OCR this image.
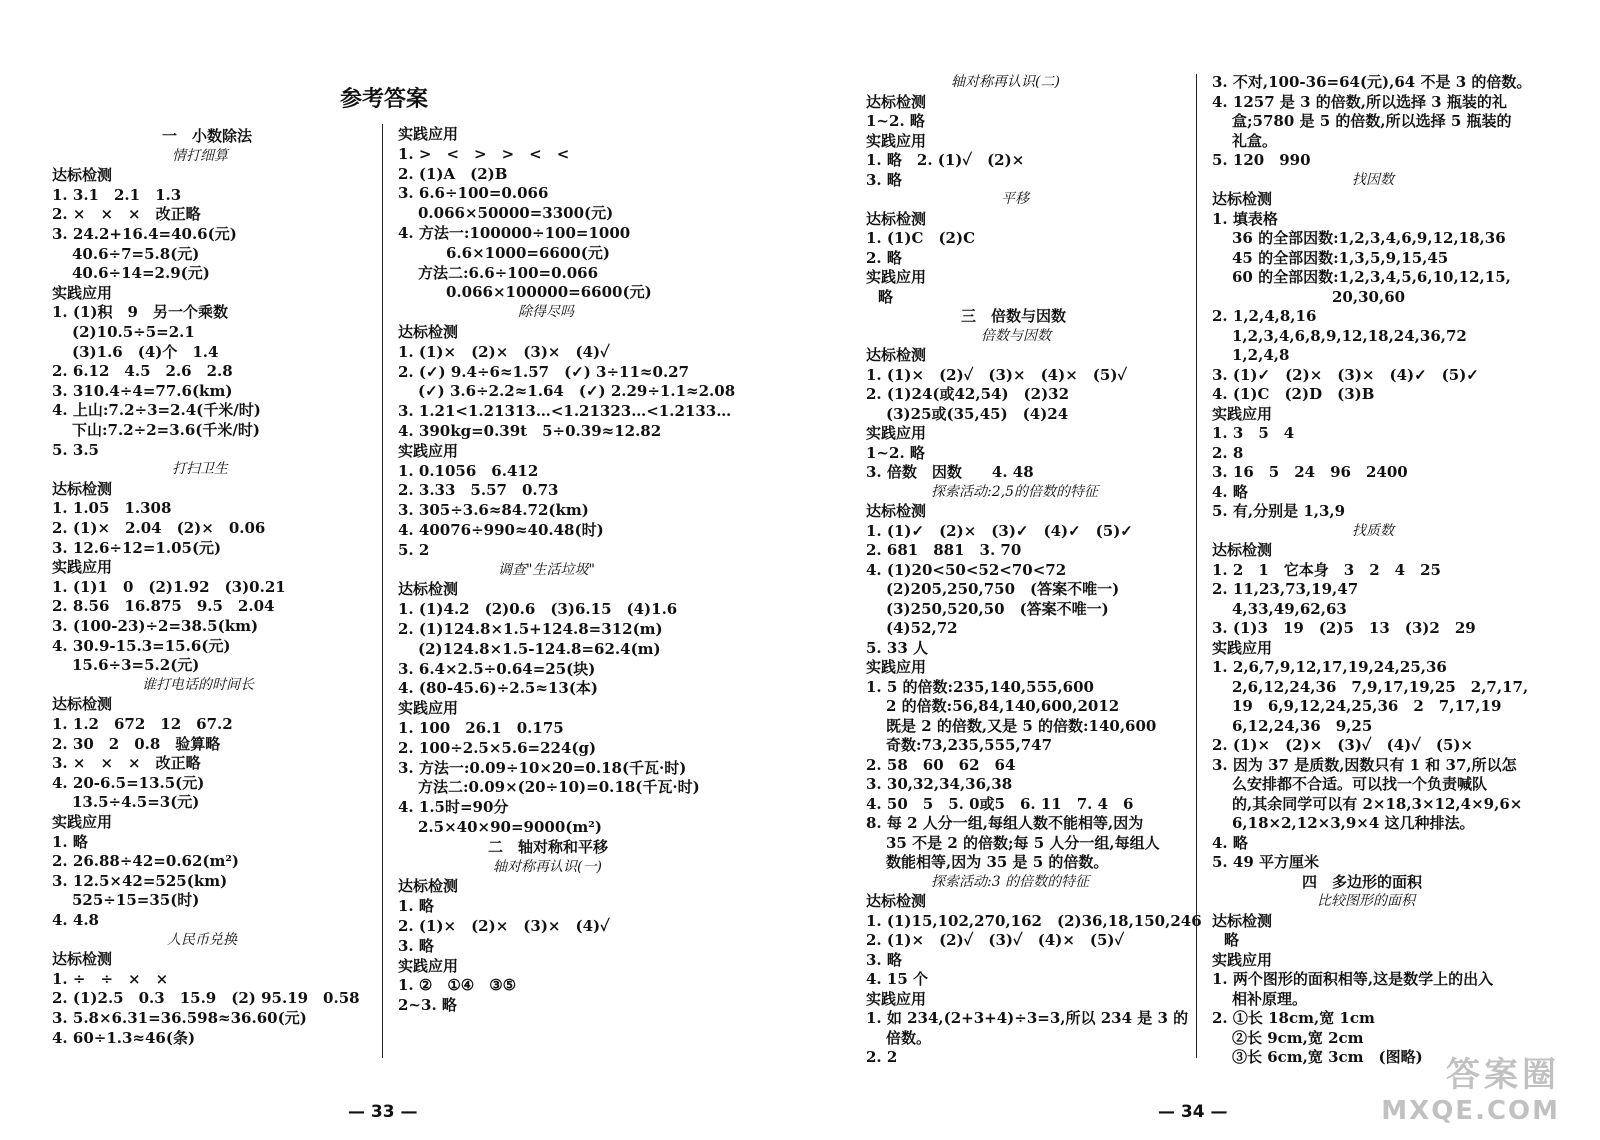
参考答案
一　小数除法
情打细算
达标检测
1. 3.1　2.1　1.3
2. ×　×　×　改正略
3. 24.2+16.4=40.6(元)
40.6÷7=5.8(元)
40.6÷14=2.9(元)
实践应用
1. (1)积　9　另一个乘数
(2)10.5÷5=2.1
(3)1.6　(4)个　1.4
2. 6.12　4.5　2.6　2.8
3. 310.4÷4=77.6(km)
4. 上山:7.2÷3=2.4(千米/时)
下山:7.2÷2=3.6(千米/时)
5. 3.5
打扫卫生
达标检测
1. 1.05　1.308
2. (1)×　2.04　(2)×　0.06
3. 12.6÷12=1.05(元)
实践应用
1. (1)1　0　(2)1.92　(3)0.21
2. 8.56　16.875　9.5　2.04
3. (100-23)÷2=38.5(km)
4. 30.9-15.3=15.6(元)
15.6÷3=5.2(元)
谁打电话的时间长
达标检测
1. 1.2　672　12　67.2
2. 30　2　0.8　验算略
3. ×　×　×　改正略
4. 20-6.5=13.5(元)
13.5÷4.5=3(元)
实践应用
1. 略
2. 26.88÷42=0.62(m²)
3. 12.5×42=525(km)
525÷15=35(时)
4. 4.8
人民币兑换
达标检测
1. ÷　÷　×　×
2. (1)2.5　0.3　15.9　(2) 95.19　0.58
3. 5.8×6.31=36.598≈36.60(元)
4. 60÷1.3≈46(条)
实践应用
1. >　<　>　>　<　<
2. (1)A　(2)B
3. 6.6÷100=0.066
0.066×50000=3300(元)
4. 方法一:100000÷100=1000
6.6×1000=6600(元)
方法二:6.6÷100=0.066
0.066×100000=6600(元)
除得尽吗
达标检测
1. (1)×　(2)×　(3)×　(4)✓
2. (✓) 9.4÷6≈1.57　(✓) 3÷11≈0.27
(✓) 3.6÷2.2≈1.64　(✓) 2.29÷1.1≈2.08
3. 1.21<1.21313…<1.21323…<1.2133…
4. 390kg=0.39t　5÷0.39≈12.82
实践应用
1. 0.1056　6.412
2. 3.33　5.57　0.73
3. 305÷3.6≈84.72(km)
4. 40076÷990≈40.48(时)
5. 2
调查"生活垃圾"
达标检测
1. (1)4.2　(2)0.6　(3)6.15　(4)1.6
2. (1)124.8×1.5+124.8=312(m)
(2)124.8×1.5-124.8=62.4(m)
3. 6.4×2.5÷0.64=25(块)
4. (80-45.6)÷2.5≈13(本)
实践应用
1. 100　26.1　0.175
2. 100÷2.5×5.6=224(g)
3. 方法一:0.09÷10×20=0.18(千瓦·时)
方法二:0.09×(20÷10)=0.18(千瓦·时)
4. 1.5时=90分
2.5×40×90=9000(m²)
二　轴对称和平移
轴对称再认识(一)
达标检测
1. 略
2. (1)×　(2)×　(3)×　(4)✓
3. 略
实践应用
1. ②　①④　③⑤
2~3. 略
轴对称再认识(二)
达标检测
1~2. 略
实践应用
1. 略　2. (1)✓　(2)×
3. 略
平移
达标检测
1. (1)C　(2)C
2. 略
实践应用
略
三　倍数与因数
倍数与因数
达标检测
1. (1)×　(2)✓　(3)×　(4)×　(5)✓
2. (1)24(或42,54)　(2)32
(3)25或(35,45)　(4)24
实践应用
1~2. 略
3. 倍数　因数　　4. 48
探索活动:2,5的倍数的特征
达标检测
1. (1)✓　(2)×　(3)✓　(4)✓　(5)✓
2. 681　881　3. 70
4. (1)20<50<52<70<72
(2)205,250,750　(答案不唯一)
(3)250,520,50　(答案不唯一)
(4)52,72
5. 33 人
实践应用
1. 5 的倍数:235,140,555,600
2 的倍数:56,84,140,600,2012
既是 2 的倍数,又是 5 的倍数:140,600
奇数:73,235,555,747
2. 58　60　62　64
3. 30,32,34,36,38
4. 50　5　5. 0或5　6. 11　7. 4　6
8. 每 2 人分一组,每组人数不能相等,因为
35 不是 2 的倍数;每 5 人分一组,每组人
数能相等,因为 35 是 5 的倍数。
探索活动:3 的倍数的特征
达标检测
1. (1)15,102,270,162　(2)36,18,150,246
2. (1)×　(2)✓　(3)✓　(4)×　(5)✓
3. 略
4. 15 个
实践应用
1. 如 234,(2+3+4)÷3=3,所以 234 是 3 的
倍数。
2. 2
3. 不对,100-36=64(元),64 不是 3 的倍数。
4. 1257 是 3 的倍数,所以选择 3 瓶装的礼
盒;5780 是 5 的倍数,所以选择 5 瓶装的
礼盒。
5. 120　990
找因数
达标检测
1. 填表格
36 的全部因数:1,2,3,4,6,9,12,18,36
45 的全部因数:1,3,5,9,15,45
60 的全部因数:1,2,3,4,5,6,10,12,15,
20,30,60
2. 1,2,4,8,16
1,2,3,4,6,8,9,12,18,24,36,72
1,2,4,8
3. (1)✓　(2)×　(3)×　(4)✓　(5)✓
4. (1)C　(2)D　(3)B
实践应用
1. 3　5　4
2. 8
3. 16　5　24　96　2400
4. 略
5. 有,分别是 1,3,9
找质数
达标检测
1. 2　1　它本身　3　2　4　25
2. 11,23,73,19,47
4,33,49,62,63
3. (1)3　19　(2)5　13　(3)2　29
实践应用
1. 2,6,7,9,12,17,19,24,25,36
2,6,12,24,36　7,9,17,19,25　2,7,17,
19　6,9,12,24,25,36　2　7,17,19
6,12,24,36　9,25
2. (1)×　(2)×　(3)✓　(4)✓　(5)×
3. 因为 37 是质数,因数只有 1 和 37,所以怎
么安排都不合适。可以找一个负责喊队
的,其余同学可以有 2×18,3×12,4×9,6×
6,18×2,12×3,9×4 这几种排法。
4. 略
5. 49 平方厘米
四　多边形的面积
比较图形的面积
达标检测
略
实践应用
1. 两个图形的面积相等,这是数学上的出入
相补原理。
2. ①长 18cm,宽 1cm
②长 9cm,宽 2cm
③长 6cm,宽 3cm　(图略)
— 33 —	— 34 —
答案圈
MXQE.COM
